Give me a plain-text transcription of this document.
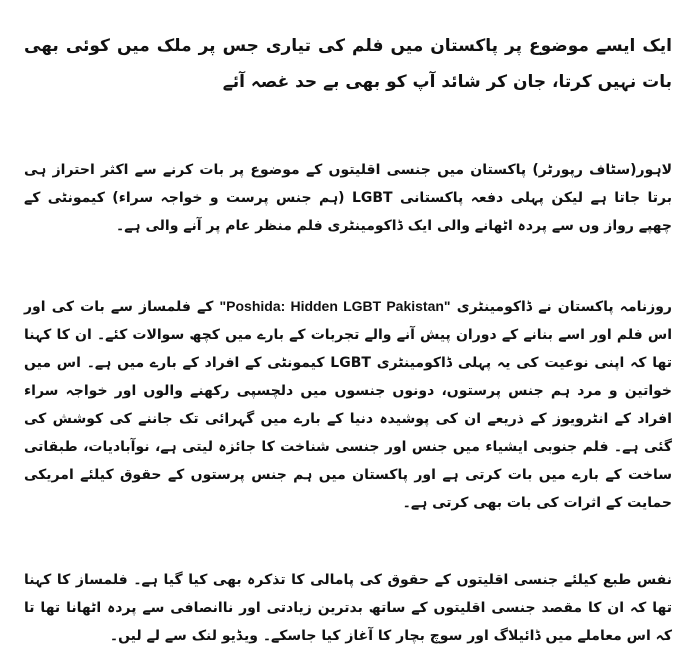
ایک ایسے موضوع پر پاکستان میں فلم کی تیاری جس پر ملک میں کوئی بھی بات نہیں کرتا، جان کر شائد آپ کو بھی بے حد غصہ آئے

لاہور(سٹاف رپورٹر) پاکستان میں جنسی اقلیتوں کے موضوع پر بات کرنے سے اکثر احتراز ہی برتا جاتا ہے لیکن پہلی دفعہ پاکستانی LGBT (ہم جنس پرست و خواجہ سراء) کیمونٹی کے چھپے رواز وں سے پردہ اٹھانے والی ایک ڈاکومینٹری فلم منظر عام پر آنے والی ہے۔

روزنامہ پاکستان نے ڈاکومینٹری "Poshida: Hidden LGBT Pakistan" کے فلمساز سے بات کی اور اس فلم اور اسے بنانے کے دوران پیش آنے والے تجربات کے بارے میں کچھ سوالات کئے۔ ان کا کہنا تھا کہ اپنی نوعیت کی یہ پہلی ڈاکومینٹری LGBT کیمونٹی کے افراد کے بارے میں ہے۔ اس میں خواتین و مرد ہم جنس پرستوں، دونوں جنسوں میں دلچسپی رکھنے والوں اور خواجہ سراء افراد کے انٹرویوز کے ذریعے ان کی پوشیدہ دنیا کے بارے میں گہرائی تک جاننے کی کوشش کی گئی ہے۔ فلم جنوبی ایشیاء میں جنس اور جنسی شناخت کا جائزہ لیتی ہے، نوآبادیات، طبقاتی ساخت کے بارے میں بات کرتی ہے اور پاکستان میں ہم جنس پرستوں کے حقوق کیلئے امریکی حمایت کے اثرات کی بات بھی کرتی ہے۔

نفس طبع کیلئے جنسی اقلیتوں کے حقوق کی پامالی کا تذکرہ بھی کیا گیا ہے۔ فلمساز کا کہنا تھا کہ ان کا مقصد جنسی اقلیتوں کے ساتھ بدترین زیادتی اور ناانصافی سے پردہ اٹھانا تھا تا کہ اس معاملے میں ڈائیلاگ اور سوچ بچار کا آغاز کیا جاسکے۔ ویڈیو لنک سے لے لیں۔
